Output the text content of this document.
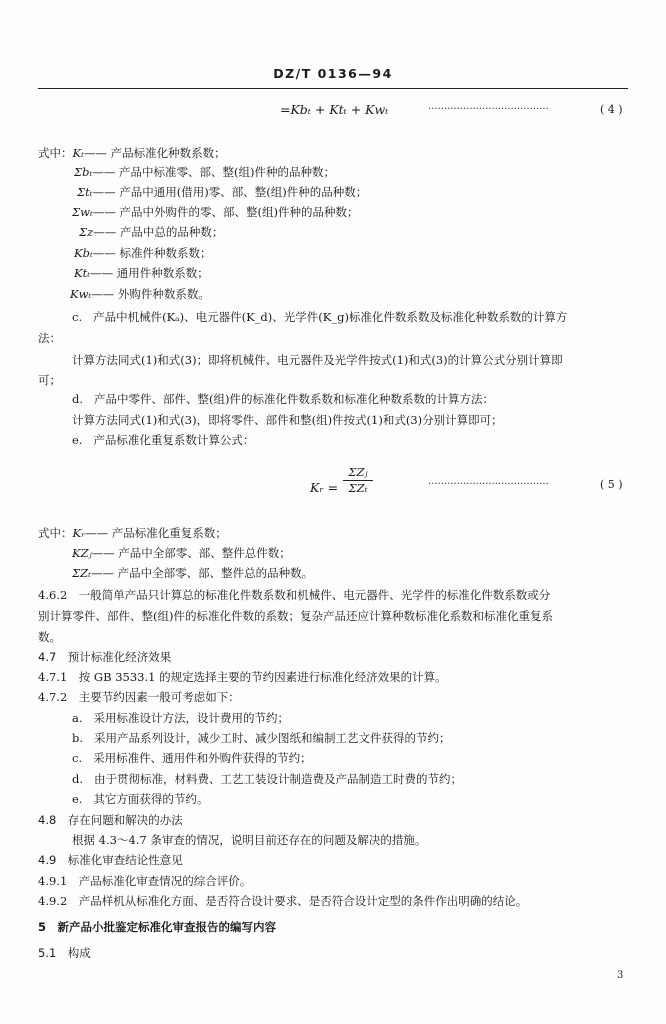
DZ/T 0136—94
=Kbₜ + Ktₜ + Kwₜ	······································	( 4 )
式中：Kₜ—— 产品标准化种数系数；
Σbₜ—— 产品中标准零、部、整(组)件种的品种数；
Σtₜ—— 产品中通用(借用)零、部、整(组)件种的品种数；
Σwₜ—— 产品中外购件的零、部、整(组)件种的品种数；
Σz—— 产品中总的品种数；
Kbₜ—— 标准件种数系数；
Ktₜ—— 通用件种数系数；
Kwₜ—— 外购件种数系数。
c. 产品中机械件(Kₐ)、电元器件(K_d)、光学件(K_g)标准化件数系数及标准化种数系数的计算方
法：
计算方法同式(1)和式(3)；即将机械件、电元器件及光学件按式(1)和式(3)的计算公式分别计算即
可；
d. 产品中零件、部件、整(组)件的标准化件数系数和标准化种数系数的计算方法：
计算方法同式(1)和式(3)，即将零件、部件和整(组)件按式(1)和式(3)分别计算即可；
e. 产品标准化重复系数计算公式：
Kᵣ =
ΣZⱼ
ΣZₜ	······································	( 5 )
式中：Kᵣ—— 产品标准化重复系数；
KZⱼ—— 产品中全部零、部、整件总件数；
ΣZₜ—— 产品中全部零、部、整件总的品种数。
4.6.2　一般简单产品只计算总的标准化件数系数和机械件、电元器件、光学件的标准化件数系数或分
别计算零件、部件、整(组)件的标准化件数的系数；复杂产品还应计算种数标准化系数和标准化重复系
数。
4.7　预计标准化经济效果
4.7.1　按 GB 3533.1 的规定选择主要的节约因素进行标准化经济效果的计算。
4.7.2　主要节约因素一般可考虑如下：
a. 采用标准设计方法，设计费用的节约；
b. 采用产品系列设计，减少工时、减少图纸和编制工艺文件获得的节约；
c. 采用标准件、通用件和外购件获得的节约；
d. 由于贯彻标准，材料费、工艺工装设计制造费及产品制造工时费的节约；
e. 其它方面获得的节约。
4.8　存在问题和解决的办法
根据 4.3～4.7 条审查的情况，说明目前还存在的问题及解决的措施。
4.9　标准化审查结论性意见
4.9.1　产品标准化审查情况的综合评价。
4.9.2　产品样机从标准化方面、是否符合设计要求、是否符合设计定型的条件作出明确的结论。
5　新产品小批鉴定标准化审查报告的编写内容
5.1　构成
3
